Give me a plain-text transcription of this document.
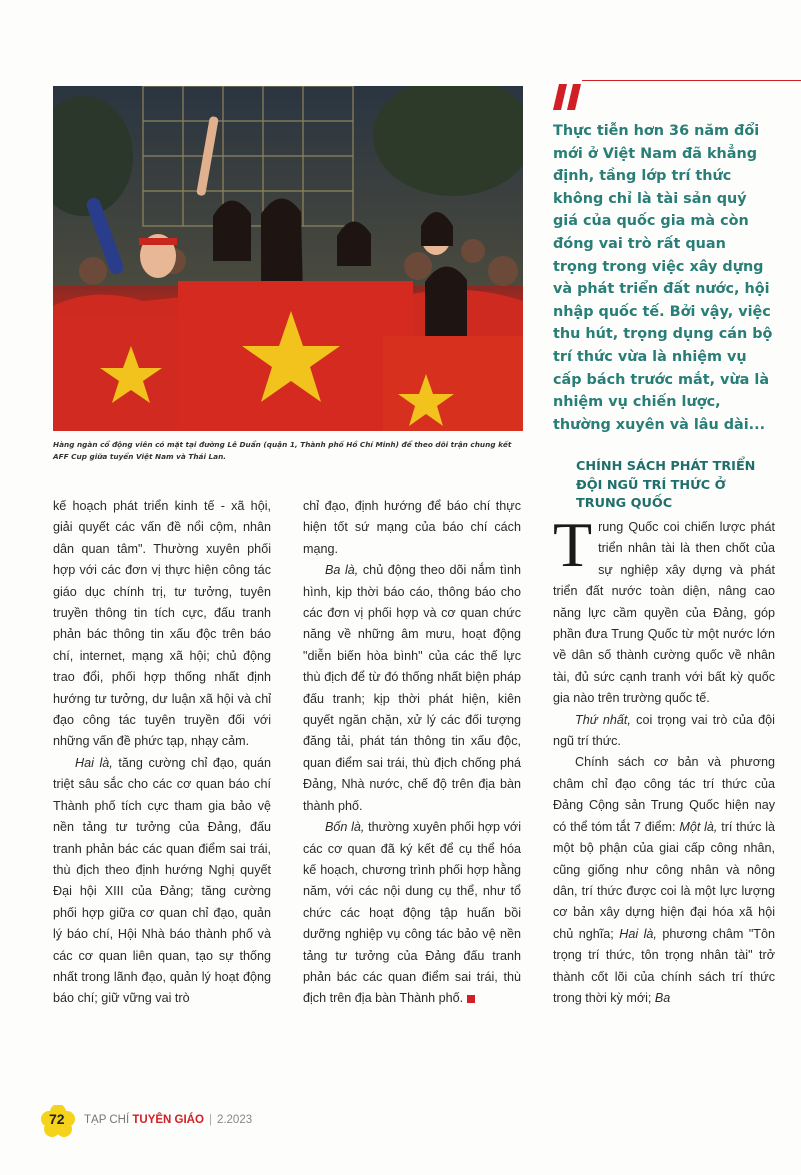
Hàng ngàn cổ động viên có mặt tại đường Lê Duẩn (quận 1, Thành phố Hồ Chí Minh) để theo dõi trận chung kết AFF Cup giữa tuyển Việt Nam và Thái Lan.

kế hoạch phát triển kinh tế - xã hội, giải quyết các vấn đề nổi cộm, nhân dân quan tâm". Thường xuyên phối hợp với các đơn vị thực hiện công tác giáo dục chính trị, tư tưởng, tuyên truyền thông tin tích cực, đấu tranh phản bác thông tin xấu độc trên báo chí, internet, mạng xã hội; chủ động trao đổi, phối hợp thống nhất định hướng tư tưởng, dư luận xã hội và chỉ đạo công tác tuyên truyền đối với những vấn đề phức tạp, nhạy cảm.

Hai là, tăng cường chỉ đạo, quán triệt sâu sắc cho các cơ quan báo chí Thành phố tích cực tham gia bảo vệ nền tảng tư tưởng của Đảng, đấu tranh phản bác các quan điểm sai trái, thù địch theo định hướng Nghị quyết Đại hội XIII của Đảng; tăng cường phối hợp giữa cơ quan chỉ đạo, quản lý báo chí, Hội Nhà báo thành phố và các cơ quan liên quan, tạo sự thống nhất trong lãnh đạo, quản lý hoạt động báo chí; giữ vững vai trò

chỉ đạo, định hướng để báo chí thực hiện tốt sứ mạng của báo chí cách mạng.

Ba là, chủ động theo dõi nắm tình hình, kịp thời báo cáo, thông báo cho các đơn vị phối hợp và cơ quan chức năng về những âm mưu, hoạt động "diễn biến hòa bình" của các thế lực thù địch để từ đó thống nhất biện pháp đấu tranh; kịp thời phát hiện, kiên quyết ngăn chặn, xử lý các đối tượng đăng tải, phát tán thông tin xấu độc, quan điểm sai trái, thù địch chống phá Đảng, Nhà nước, chế độ trên địa bàn thành phố.

Bốn là, thường xuyên phối hợp với các cơ quan đã ký kết để cụ thể hóa kế hoạch, chương trình phối hợp hằng năm, với các nội dung cụ thể, như tổ chức các hoạt động tập huấn bồi dưỡng nghiệp vụ công tác bảo vệ nền tảng tư tưởng của Đảng đấu tranh phản bác các quan điểm sai trái, thù địch trên địa bàn Thành phố.

Thực tiễn hơn 36 năm đổi mới ở Việt Nam đã khẳng định, tầng lớp trí thức không chỉ là tài sản quý giá của quốc gia mà còn đóng vai trò rất quan trọng trong việc xây dựng và phát triển đất nước, hội nhập quốc tế. Bởi vậy, việc thu hút, trọng dụng cán bộ trí thức vừa là nhiệm vụ cấp bách trước mắt, vừa là nhiệm vụ chiến lược, thường xuyên và lâu dài...
CHÍNH SÁCH PHÁT TRIỂN ĐỘI NGŨ TRÍ THỨC Ở TRUNG QUỐC

Trung Quốc coi chiến lược phát triển nhân tài là then chốt của sự nghiệp xây dựng và phát triển đất nước toàn diện, nâng cao năng lực cầm quyền của Đảng, góp phần đưa Trung Quốc từ một nước lớn về dân số thành cường quốc về nhân tài, đủ sức cạnh tranh với bất kỳ quốc gia nào trên trường quốc tế.

Thứ nhất, coi trọng vai trò của đội ngũ trí thức.

Chính sách cơ bản và phương châm chỉ đạo công tác trí thức của Đảng Cộng sản Trung Quốc hiện nay có thể tóm tắt 7 điểm: Một là, trí thức là một bộ phận của giai cấp công nhân, cũng giống như công nhân và nông dân, trí thức được coi là một lực lượng cơ bản xây dựng hiện đại hóa xã hội chủ nghĩa; Hai là, phương châm "Tôn trọng trí thức, tôn trọng nhân tài" trở thành cốt lõi của chính sách trí thức trong thời kỳ mới; Ba

72 TẠP CHÍ TUYÊN GIÁO | 2.2023
